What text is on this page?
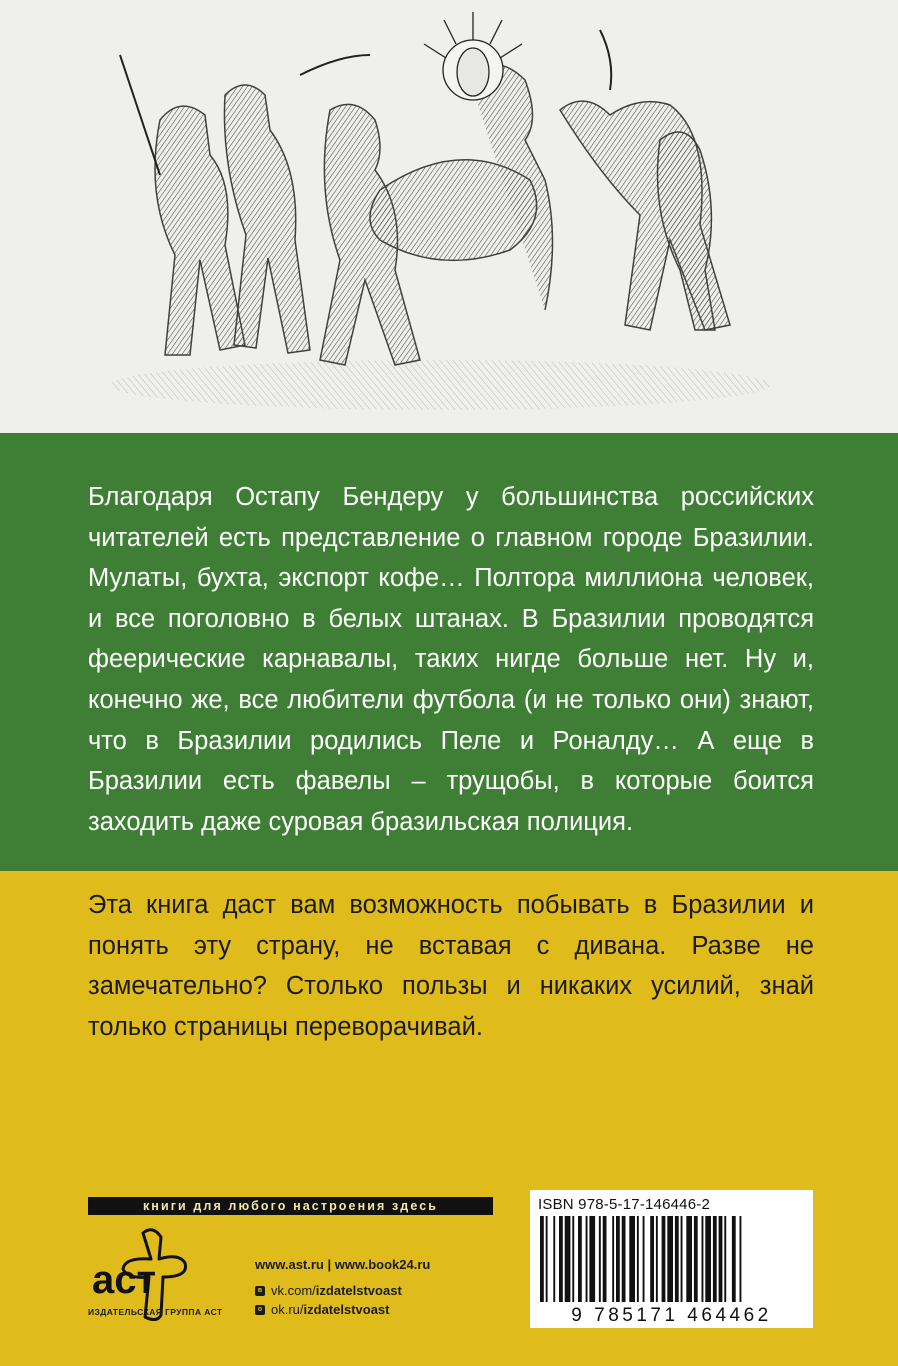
Благодаря Остапу Бендеру у большинства российских читателей есть представление о главном городе Бразилии. Мулаты, бухта, экспорт кофе… Полтора миллиона человек, и все поголовно в белых штанах. В Бразилии проводятся феерические карнавалы, таких нигде больше нет. Ну и, конечно же, все любители футбола (и не только они) знают, что в Бразилии родились Пеле и Роналду… А еще в Бразилии есть фавелы – трущобы, в которые боится заходить даже суровая бразильская полиция.
Эта книга даст вам возможность побывать в Бразилии и понять эту страну, не вставая с дивана. Разве не замечательно? Столько пользы и никаких усилий, знай только страницы переворачивай.
книги для любого настроения здесь
аст
ИЗДАТЕЛЬСКАЯ ГРУППА АСТ
www.ast.ru | www.book24.ru
в vk.com/izdatelstvoast
о ok.ru/izdatelstvoast
ISBN 978-5-17-146446-2
9 785171 464462
